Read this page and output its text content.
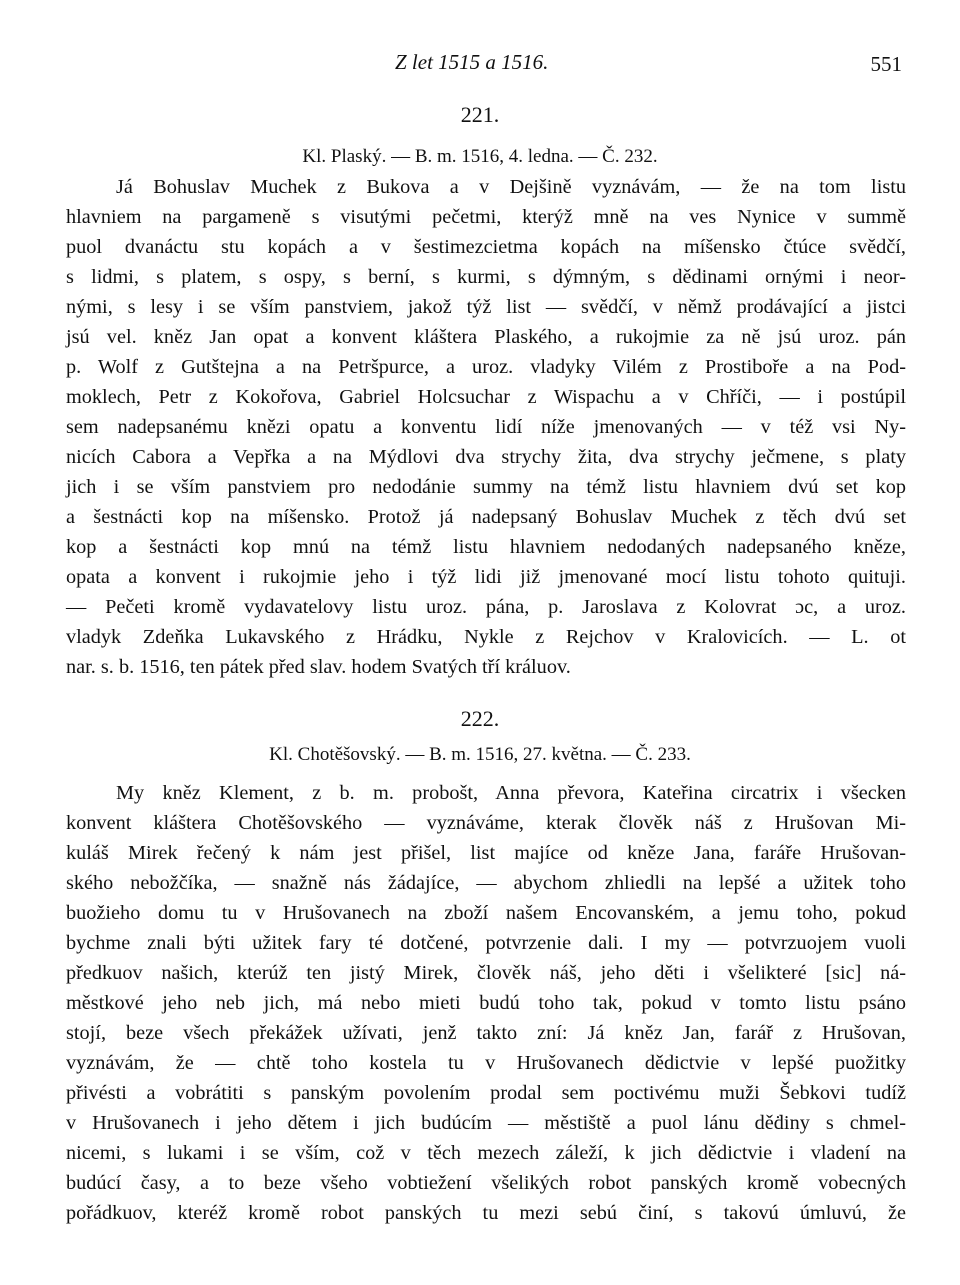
Z let 1515 a 1516.	551
221.
Kl. Plaský. — B. m. 1516, 4. ledna. — Č. 232.
Já Bohuslav Muchek z Bukova a v Dejšině vyznávám, — že na tom listu
hlavniem na pargameně s visutými pečetmi, kterýž mně na ves Nynice v summě
puol dvanáctu stu kopách a v šestimezcietma kopách na míšensko čtúce svědčí,
s lidmi, s platem, s ospy, s berní, s kurmi, s dýmným, s dědinami ornými i neor-
nými, s lesy i se vším panstviem, jakož týž list — svědčí, v němž prodávající a jistci
jsú vel. kněz Jan opat a konvent kláštera Plaského, a rukojmie za ně jsú uroz. pán
p. Wolf z Gutštejna a na Petršpurce, a uroz. vladyky Vilém z Prostiboře a na Pod-
moklech, Petr z Kokořova, Gabriel Holcsuchar z Wispachu a v Chříči, — i postúpil
sem nadepsanému knězi opatu a konventu lidí níže jmenovaných — v též vsi Ny-
nicích Cabora a Vepřka a na Mýdlovi dva strychy žita, dva strychy ječmene, s platy
jich i se vším panstviem pro nedodánie summy na témž listu hlavniem dvú set kop
a šestnácti kop na míšensko. Protož já nadepsaný Bohuslav Muchek z těch dvú set
kop a šestnácti kop mnú na témž listu hlavniem nedodaných nadepsaného kněze,
opata a konvent i rukojmie jeho i týž lidi již jmenované mocí listu tohoto quituji.
— Pečeti kromě vydavatelovy listu uroz. pána, p. Jaroslava z Kolovrat ɔc, a uroz.
vladyk Zdeňka Lukavského z Hrádku, Nykle z Rejchov v Kralovicích. — L. ot
nar. s. b. 1516, ten pátek před slav. hodem Svatých tří králuov.
222.
Kl. Chotěšovský. — B. m. 1516, 27. května. — Č. 233.
My kněz Klement, z b. m. probošt, Anna převora, Kateřina circatrix i všecken
konvent kláštera Chotěšovského — vyznáváme, kterak člověk náš z Hrušovan Mi-
kuláš Mirek řečený k nám jest přišel, list majíce od kněze Jana, faráře Hrušovan-
ského nebožčíka, — snažně nás žádajíce, — abychom zhliedli na lepšé a užitek toho
buožieho domu tu v Hrušovanech na zboží našem Encovanském, a jemu toho, pokud
bychme znali býti užitek fary té dotčené, potvrzenie dali. I my — potvrzuojem vuoli
předkuov našich, kterúž ten jistý Mirek, člověk náš, jeho děti i všelikteré [sic] ná-
městkové jeho neb jich, má nebo mieti budú toho tak, pokud v tomto listu psáno
stojí, beze všech překážek užívati, jenž takto zní: Já kněz Jan, farář z Hrušovan,
vyznávám, že — chtě toho kostela tu v Hrušovanech dědictvie v lepšé puožitky
přivésti a vobrátiti s panským povolením prodal sem poctivému muži Šebkovi tudíž
v Hrušovanech i jeho dětem i jich budúcím — městiště a puol lánu děḋiny s chmel-
nicemi, s lukami i se vším, což v těch mezech záleží, k jich dědictvie i vladení na
budúcí časy, a to beze všeho vobtiežení všelikých robot panských kromě vobecných
pořádkuov, kteréž kromě robot panských tu mezi sebú činí, s takovú úmluvú, že
